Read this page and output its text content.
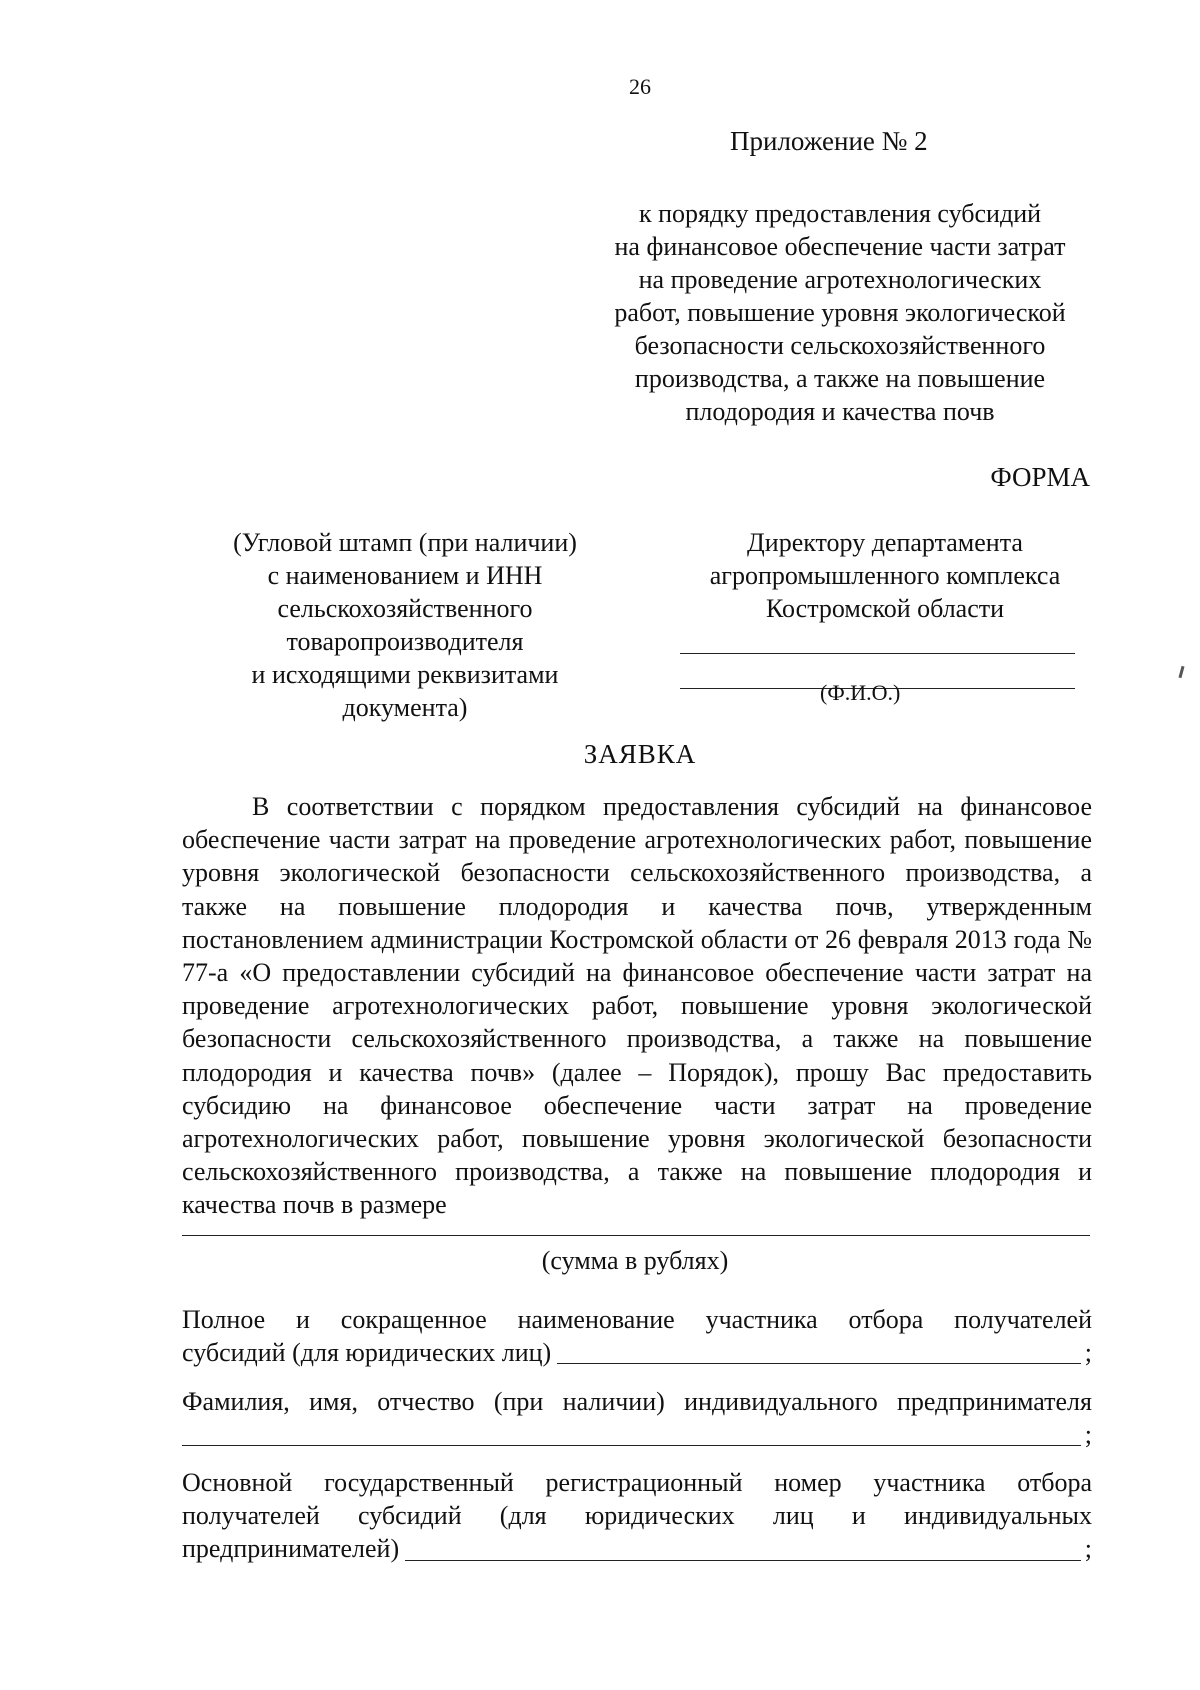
26
Приложение № 2
к порядку предоставления субсидий
на финансовое обеспечение части затрат
на проведение агротехнологических
работ, повышение уровня экологической
безопасности сельскохозяйственного
производства, а также на повышение
плодородия и качества почв
ФОРМА
(Угловой штамп (при наличии)
с наименованием и ИНН
сельскохозяйственного
товаропроизводителя
и исходящими реквизитами
документа)
Директору департамента
агропромышленного комплекса
Костромской области
(Ф.И.О.)
ЗАЯВКА
В соответствии с порядком предоставления субсидий на финансовое обеспечение части затрат на проведение агротехнологических работ, повышение уровня экологической безопасности сельскохозяйственного производства, а также на повышение плодородия и качества почв, утвержденным постановлением администрации Костромской области от 26 февраля 2013 года № 77-а «О предоставлении субсидий на финансовое обеспечение части затрат на проведение агротехнологических работ, повышение уровня экологической безопасности сельскохозяйственного производства, а также на повышение плодородия и качества почв» (далее – Порядок), прошу Вас предоставить субсидию на финансовое обеспечение части затрат на проведение агротехнологических работ, повышение уровня экологической безопасности сельскохозяйственного производства, а также на повышение плодородия и качества почв в размере
(сумма в рублях)
Полное и сокращенное наименование участника отбора получателей
субсидий (для юридических лиц)	;
Фамилия, имя, отчество (при наличии) индивидуального предпринимателя
;
Основной государственный регистрационный номер участника отбора
получателей субсидий (для юридических лиц и индивидуальных
предпринимателей)	;
